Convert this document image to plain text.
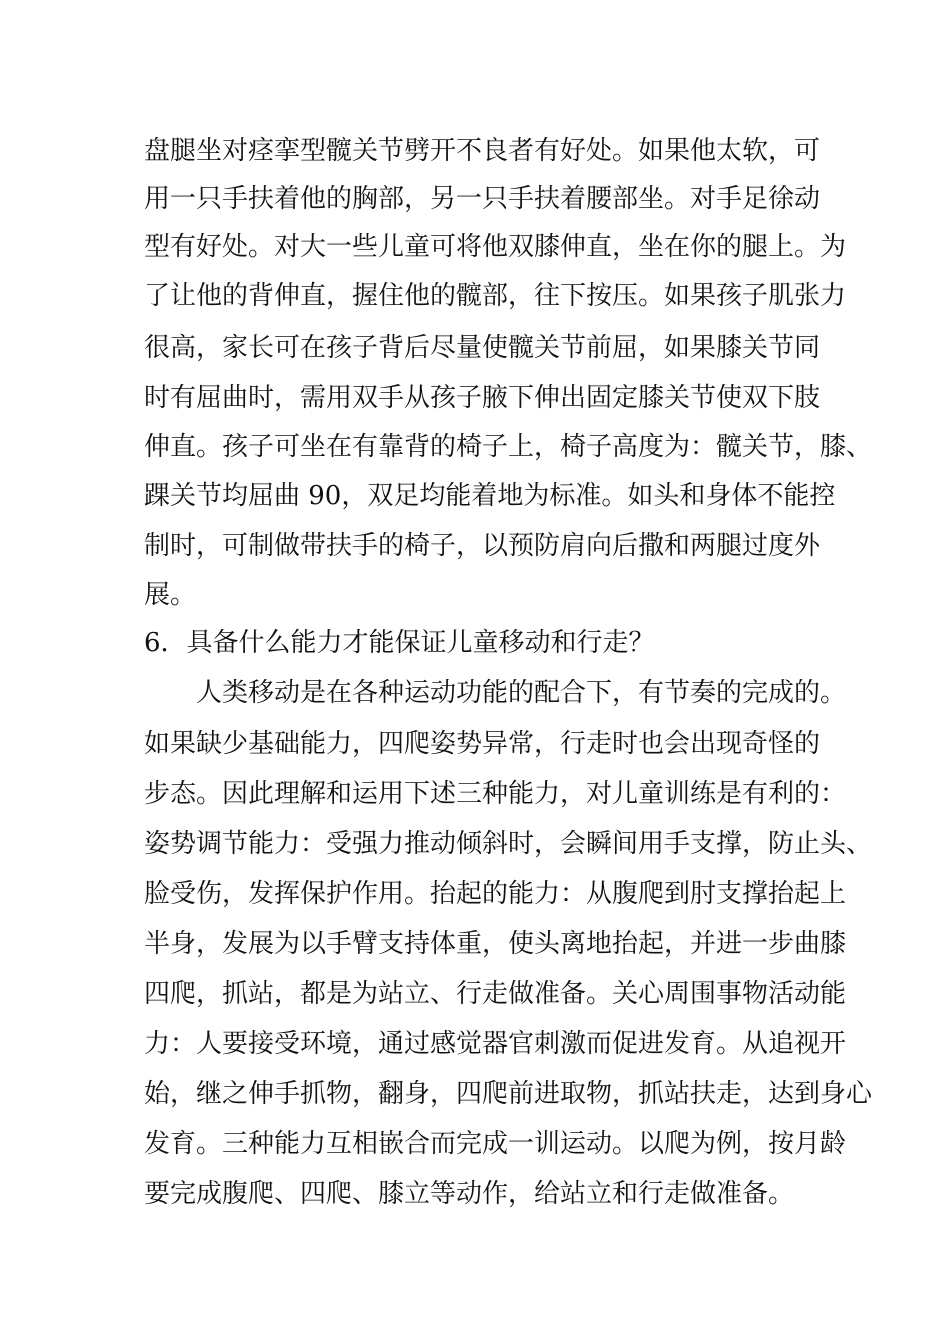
盘腿坐对痉挛型髋关节劈开不良者有好处。如果他太软，可
用一只手扶着他的胸部，另一只手扶着腰部坐。对手足徐动
型有好处。对大一些儿童可将他双膝伸直，坐在你的腿上。为
了让他的背伸直，握住他的髋部，往下按压。如果孩子肌张力
很高，家长可在孩子背后尽量使髋关节前屈，如果膝关节同
时有屈曲时，需用双手从孩子腋下伸出固定膝关节使双下肢
伸直。孩子可坐在有靠背的椅子上，椅子高度为：髋关节，膝、
踝关节均屈曲 90，双足均能着地为标准。如头和身体不能控
制时，可制做带扶手的椅子，以预防肩向后撒和两腿过度外
展。
6．具备什么能力才能保证儿童移动和行走？
人类移动是在各种运动功能的配合下，有节奏的完成的。
如果缺少基础能力，四爬姿势异常，行走时也会出现奇怪的
步态。因此理解和运用下述三种能力，对儿童训练是有利的：
姿势调节能力：受强力推动倾斜时，会瞬间用手支撑，防止头、
脸受伤，发挥保护作用。抬起的能力：从腹爬到肘支撑抬起上
半身，发展为以手臂支持体重，使头离地抬起，并进一步曲膝
四爬，抓站，都是为站立、行走做准备。关心周围事物活动能
力：人要接受环境，通过感觉器官刺激而促进发育。从追视开
始，继之伸手抓物，翻身，四爬前进取物，抓站扶走，达到身心
发育。三种能力互相嵌合而完成一训运动。以爬为例，按月龄
要完成腹爬、四爬、膝立等动作，给站立和行走做准备。
